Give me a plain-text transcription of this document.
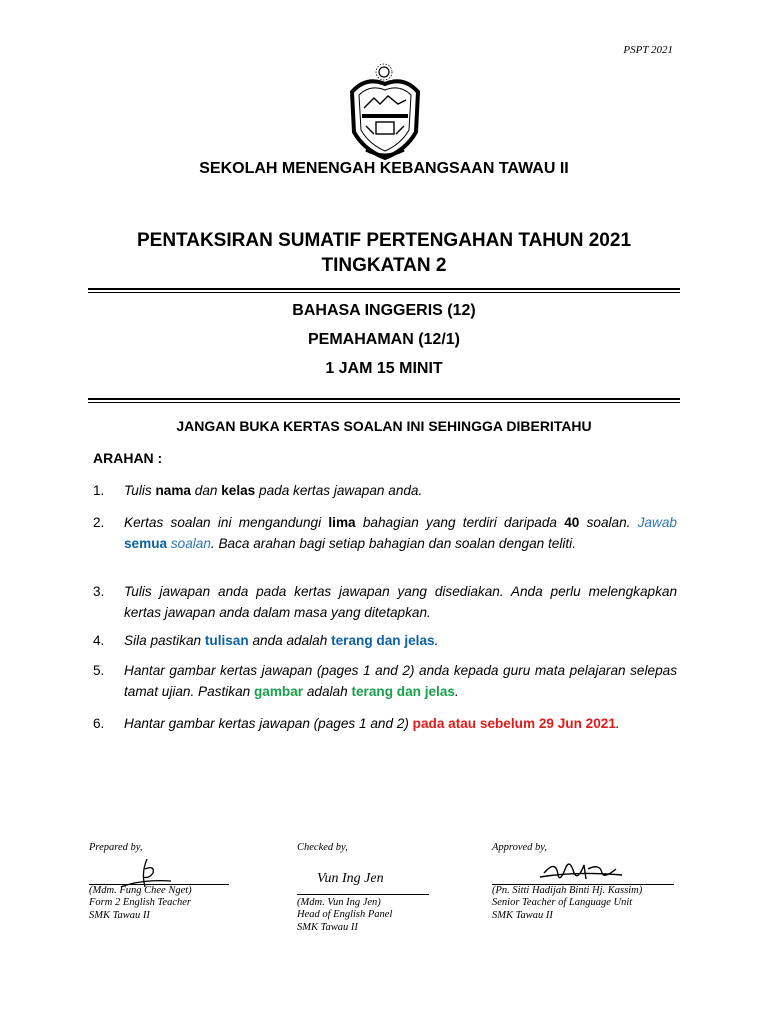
PSPT 2021
SEKOLAH MENENGAH KEBANGSAAN TAWAU II
PENTAKSIRAN SUMATIF PERTENGAHAN TAHUN 2021
TINGKATAN 2
BAHASA INGGERIS (12)
PEMAHAMAN (12/1)
1 JAM 15 MINIT
JANGAN BUKA KERTAS SOALAN INI SEHINGGA DIBERITAHU
ARAHAN :
1. Tulis nama dan kelas pada kertas jawapan anda.
2. Kertas soalan ini mengandungi lima bahagian yang terdiri daripada 40 soalan. Jawab semua soalan. Baca arahan bagi setiap bahagian dan soalan dengan teliti.
3. Tulis jawapan anda pada kertas jawapan yang disediakan. Anda perlu melengkapkan kertas jawapan anda dalam masa yang ditetapkan.
4. Sila pastikan tulisan anda adalah terang dan jelas.
5. Hantar gambar kertas jawapan (pages 1 and 2) anda kepada guru mata pelajaran selepas tamat ujian. Pastikan gambar adalah terang dan jelas.
6. Hantar gambar kertas jawapan (pages 1 and 2) pada atau sebelum 29 Jun 2021.
Prepared by,
(Mdm. Fung Chee Nget)
Form 2 English Teacher
SMK Tawau II
Checked by,
Vun Ing Jen
(Mdm. Vun Ing Jen)
Head of English Panel
SMK Tawau II
Approved by,
(Pn. Sitti Hadijah Binti Hj. Kassim)
Senior Teacher of Language Unit
SMK Tawau II
